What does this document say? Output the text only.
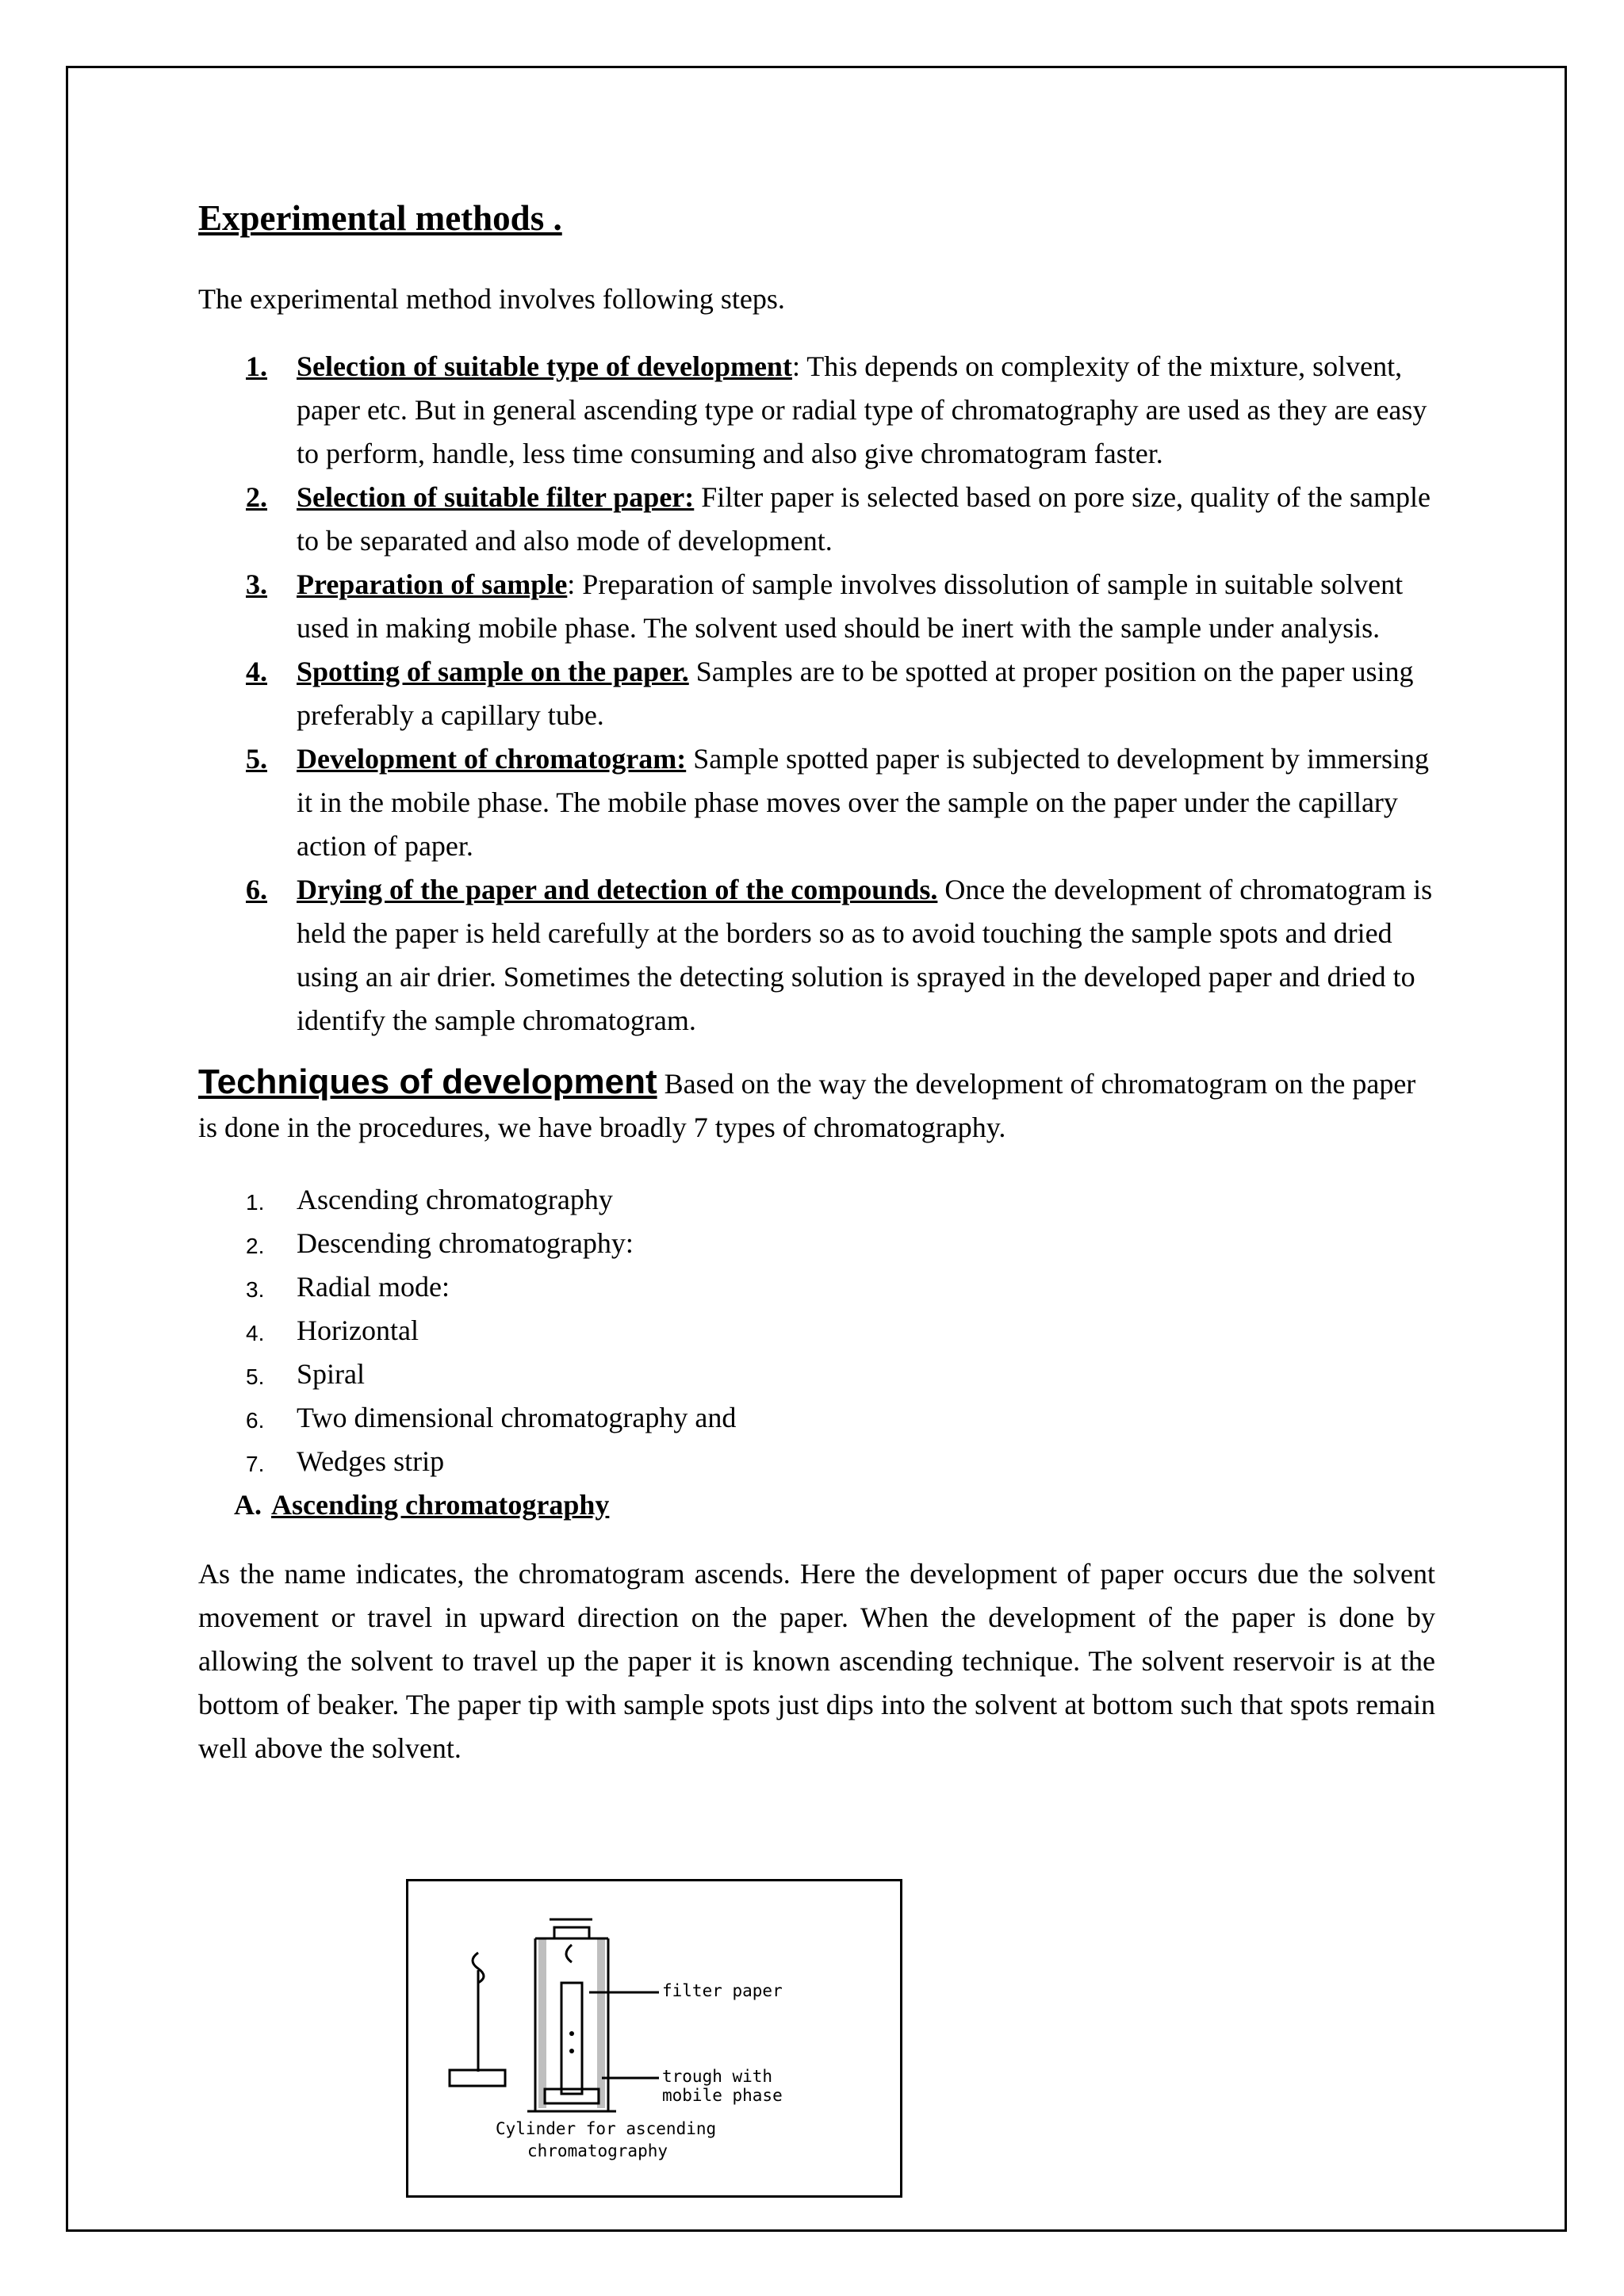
Experimental methods .

The experimental method involves following steps.

1. Selection of suitable type of development: This depends on complexity of the mixture, solvent, paper etc. But in general ascending type or radial type of chromatography are used as they are easy to perform, handle, less time consuming and also give chromatogram faster.
2. Selection of suitable filter paper: Filter paper is selected based on pore size, quality of the sample to be separated and also mode of development.
3. Preparation of sample: Preparation of sample involves dissolution of sample in suitable solvent used in making mobile phase. The solvent used should be inert with the sample under analysis.
4. Spotting of sample on the paper. Samples are to be spotted at proper position on the paper using preferably a capillary tube.
5. Development of chromatogram: Sample spotted paper is subjected to development by immersing it in the mobile phase. The mobile phase moves over the sample on the paper under the capillary action of paper.
6. Drying of the paper and detection of the compounds. Once the development of chromatogram is held the paper is held carefully at the borders so as to avoid touching the sample spots and dried using an air drier. Sometimes the detecting solution is sprayed in the developed paper and dried to identify the sample chromatogram.

Techniques of development Based on the way the development of chromatogram on the paper is done in the procedures, we have broadly 7 types of chromatography.

1. Ascending chromatography
2. Descending chromatography:
3. Radial mode:
4. Horizontal
5. Spiral
6. Two dimensional chromatography and
7. Wedges strip
A. Ascending chromatography

As the name indicates, the chromatogram ascends. Here the development of paper occurs due the solvent movement or travel in upward direction on the paper. When the development of the paper is done by allowing the solvent to travel up the paper it is known ascending technique. The solvent reservoir is at the bottom of beaker. The paper tip with sample spots just dips into the solvent at bottom such that spots remain well above the solvent.

filter paper
trough with
mobile phase
Cylinder for ascending
chromatography
